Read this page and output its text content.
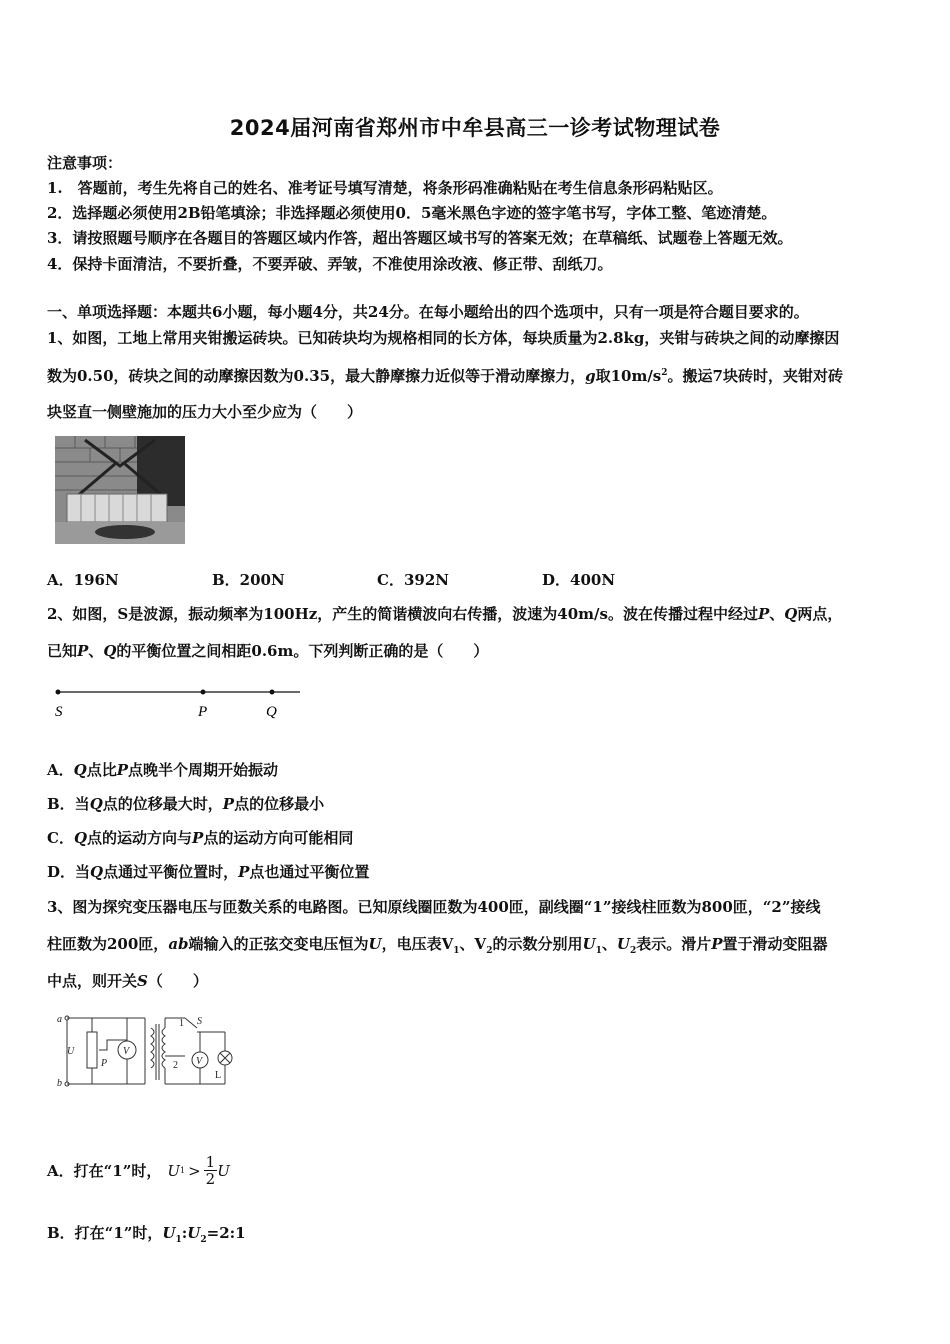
2024届河南省郑州市中牟县高三一诊考试物理试卷
注意事项：
1.　答题前，考生先将自己的姓名、准考证号填写清楚，将条形码准确粘贴在考生信息条形码粘贴区。
2．选择题必须使用2B铅笔填涂；非选择题必须使用0．5毫米黑色字迹的签字笔书写，字体工整、笔迹清楚。
3．请按照题号顺序在各题目的答题区域内作答，超出答题区域书写的答案无效；在草稿纸、试题卷上答题无效。
4．保持卡面清洁，不要折叠，不要弄破、弄皱，不准使用涂改液、修正带、刮纸刀。
一、单项选择题：本题共6小题，每小题4分，共24分。在每小题给出的四个选项中，只有一项是符合题目要求的。
1、如图，工地上常用夹钳搬运砖块。已知砖块均为规格相同的长方体，每块质量为2.8kg，夹钳与砖块之间的动摩擦因
数为0.50，砖块之间的动摩擦因数为0.35，最大静摩擦力近似等于滑动摩擦力，g取$10m/s^2$。搬运7块砖时，夹钳对砖
块竖直一侧壁施加的压力大小至少应为（　　）
A．196N	B．200N	C．392N	D．400N
2、如图，S是波源，振动频率为100Hz，产生的简谐横波向右传播，波速为40m/s。波在传播过程中经过P、Q两点，
已知P、Q的平衡位置之间相距0.6m。下列判断正确的是（　　）
S	P	Q
A．Q点比P点晚半个周期开始振动
B．当Q点的位移最大时，P点的位移最小
C．Q点的运动方向与P点的运动方向可能相同
D．当Q点通过平衡位置时，P点也通过平衡位置
3、图为探究变压器电压与匝数关系的电路图。已知原线圈匝数为400匝，副线圈“1”接线柱匝数为800匝，“2”接线
柱匝数为200匝，ab端输入的正弦交变电压恒为U，电压表$V_1$、$V_2$的示数分别用$U_1$、$U_2$表示。滑片P置于滑动变阻器
中点，则开关S（　　）
a
b
U
P
V
1
2
S
V
L
A．打在“1”时， U $1 > \frac{1}{2}$ U
B．打在“1”时，$U_1:U_2=2:1$
